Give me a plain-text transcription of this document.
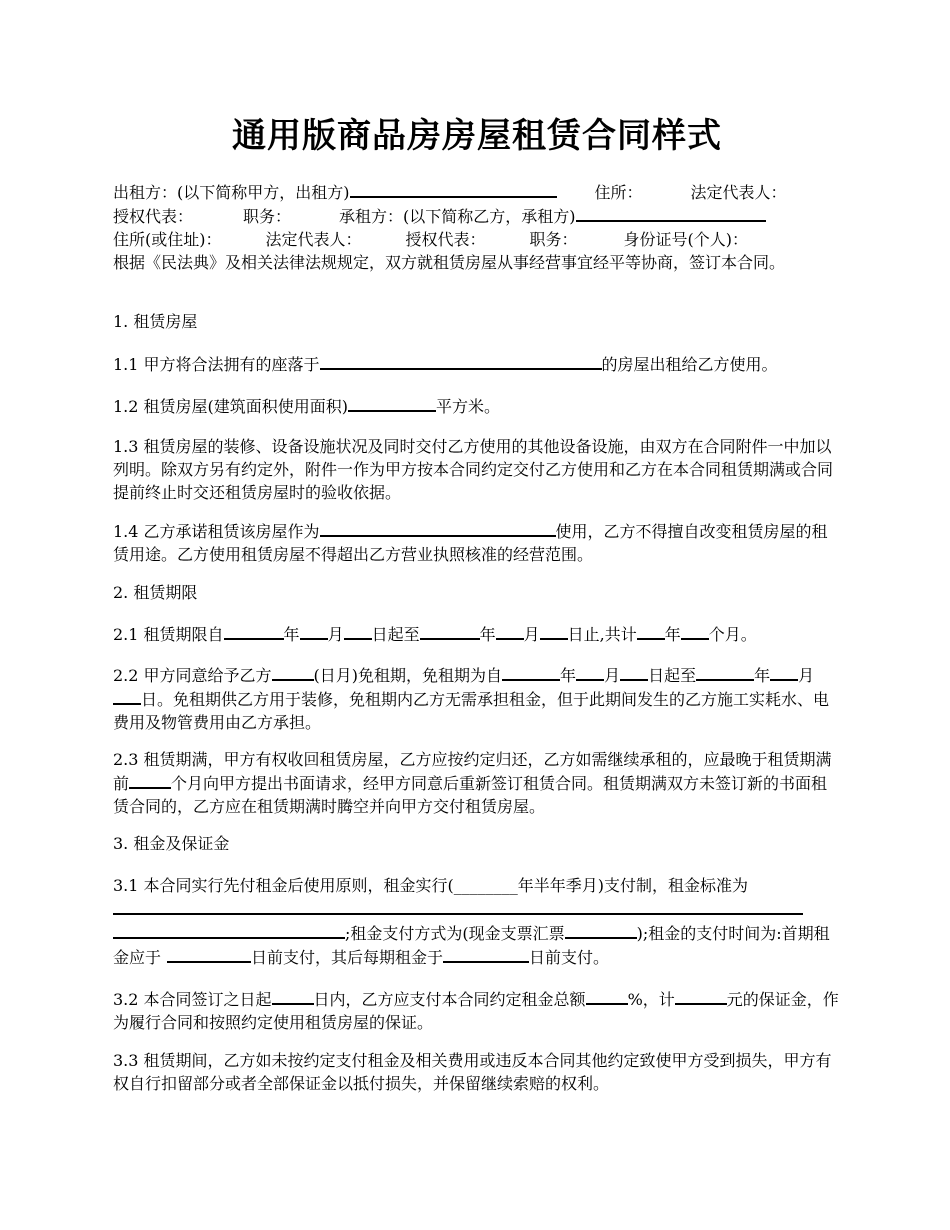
通用版商品房房屋租赁合同样式

出租方：(以下简称甲方，出租方)	住所：	法定代表人：
授权代表：	职务：	承租方：(以下简称乙方，承租方)
住所(或住址)：	法定代表人：	授权代表：	职务：	身份证号(个人)：
根据《民法典》及相关法律法规规定，双方就租赁房屋从事经营事宜经平等协商，签订本合同。

1. 租赁房屋

1.1 甲方将合法拥有的座落于	的房屋出租给乙方使用。

1.2 租赁房屋(建筑面积使用面积)	平方米。

1.3 租赁房屋的装修、设备设施状况及同时交付乙方使用的其他设备设施，由双方在合同附件一中加以列明。除双方另有约定外，附件一作为甲方按本合同约定交付乙方使用和乙方在本合同租赁期满或合同提前终止时交还租赁房屋时的验收依据。

1.4 乙方承诺租赁该房屋作为	使用，乙方不得擅自改变租赁房屋的租赁用途。乙方使用租赁房屋不得超出乙方营业执照核准的经营范围。

2. 租赁期限

2.1 租赁期限自	年 月 日起至	年 月 日止,共计 年 个月。

2.2 甲方同意给予乙方	(日月)免租期，免租期为自	年 月 日起至	年 月日。免租期供乙方用于装修，免租期内乙方无需承担租金，但于此期间发生的乙方施工实耗水、电费用及物管费用由乙方承担。

2.3 租赁期满，甲方有权收回租赁房屋，乙方应按约定归还，乙方如需继续承租的，应最晚于租赁期满前	个月向甲方提出书面请求，经甲方同意后重新签订租赁合同。租赁期满双方未签订新的书面租赁合同的，乙方应在租赁期满时腾空并向甲方交付租赁房屋。

3. 租金及保证金

3.1 本合同实行先付租金后使用原则，租金实行(________年半年季月)支付制，租金标准为;租金支付方式为(现金支票汇票	);租金的支付时间为:首期租金应于	日前支付，其后每期租金于	日前支付。

3.2 本合同签订之日起	日内，乙方应支付本合同约定租金总额	%，计	元的保证金，作为履行合同和按照约定使用租赁房屋的保证。

3.3 租赁期间，乙方如未按约定支付租金及相关费用或违反本合同其他约定致使甲方受到损失，甲方有权自行扣留部分或者全部保证金以抵付损失，并保留继续索赔的权利。
